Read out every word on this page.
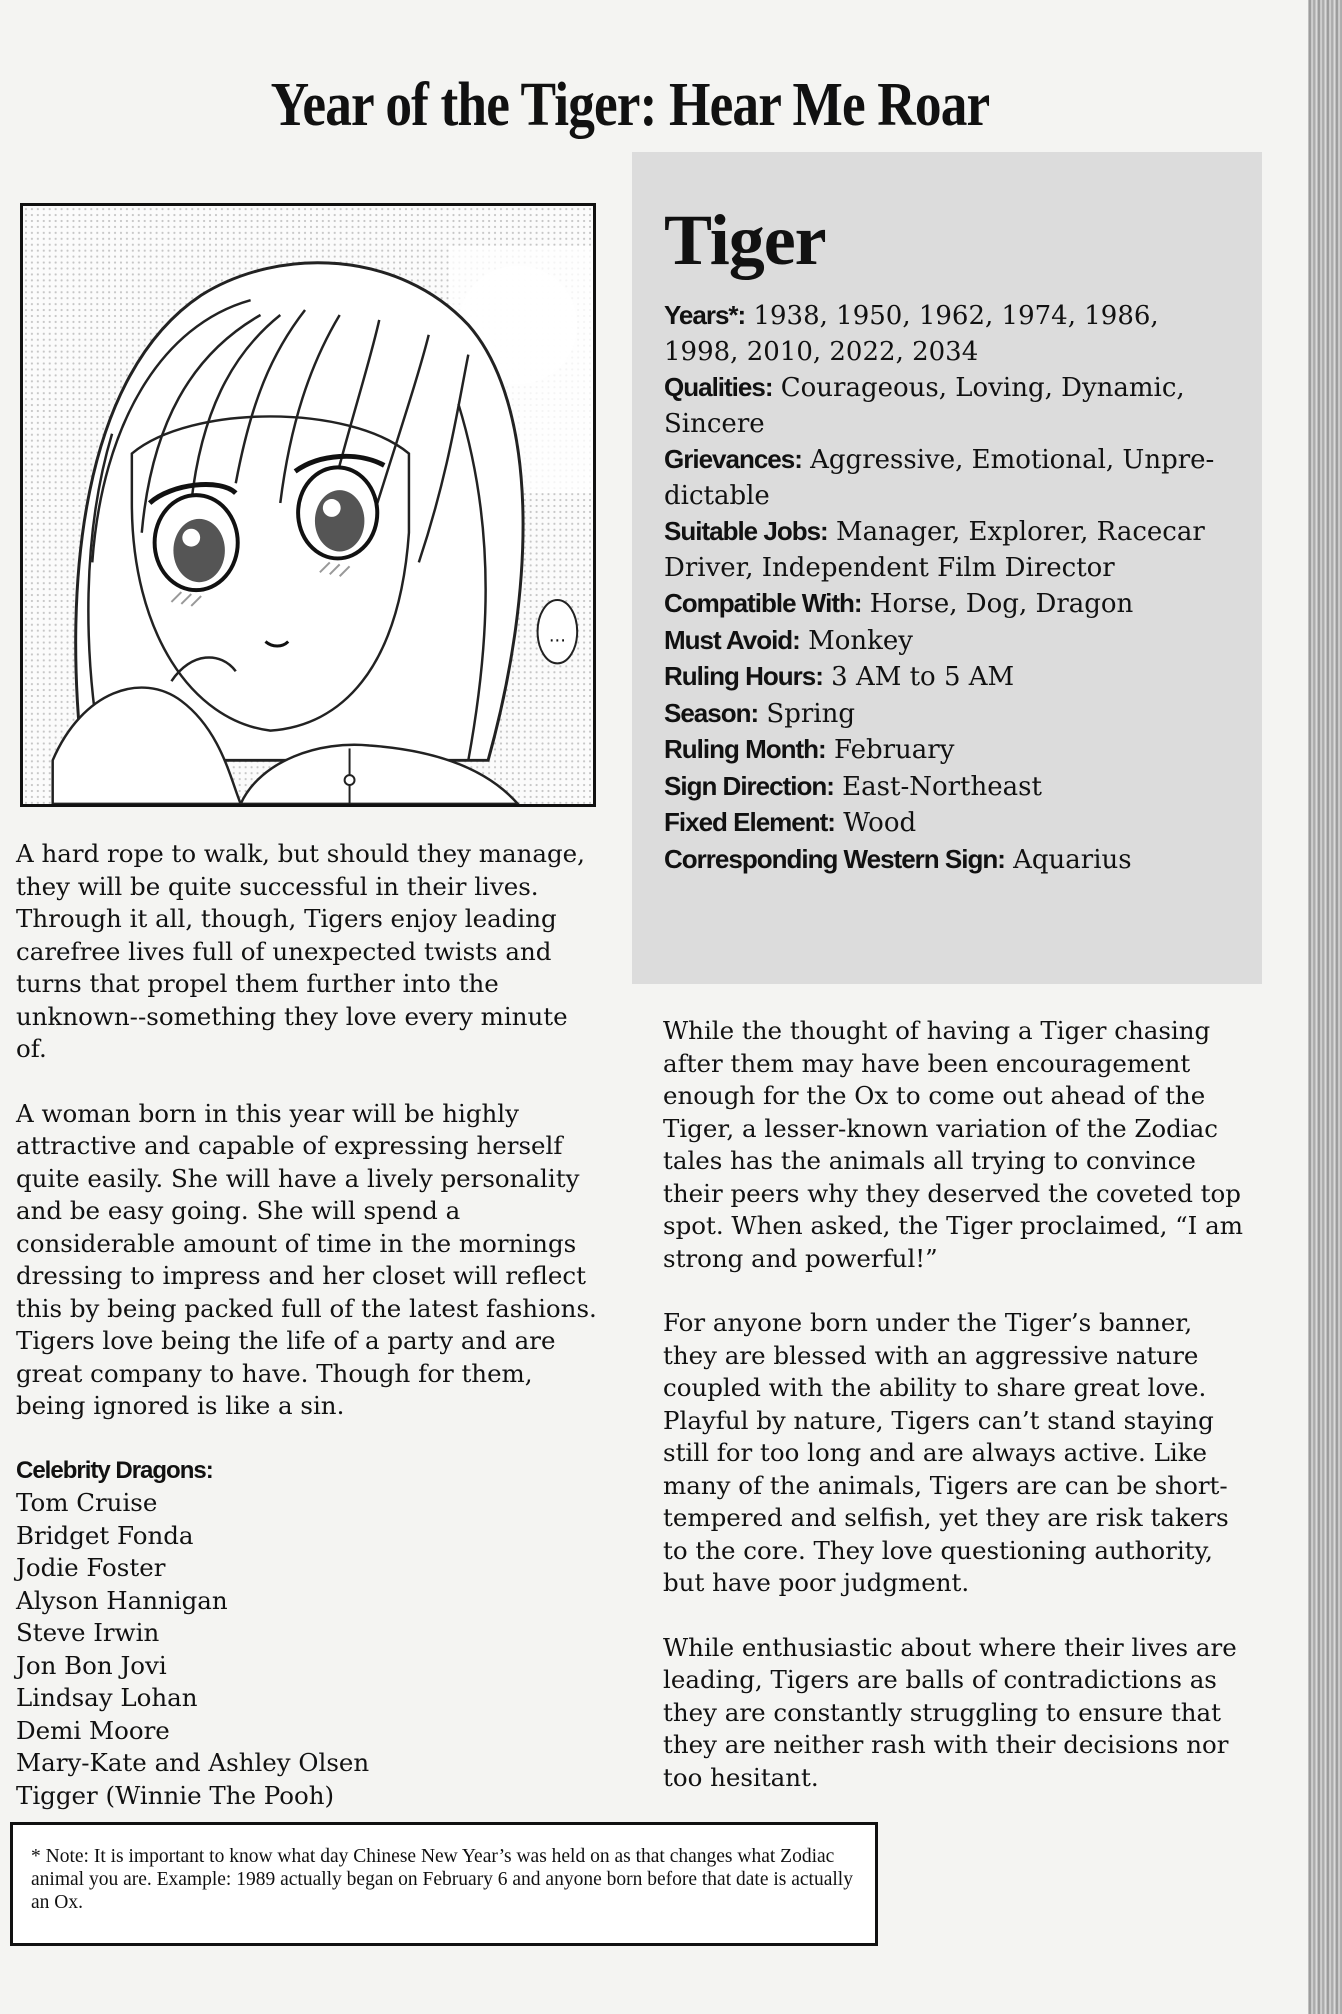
Year of the Tiger: Hear Me Roar
...
Tiger

Years*: 1938, 1950, 1962, 1974, 1986, 1998, 2010, 2022, 2034

Qualities: Courageous, Loving, Dynamic, Sincere

Grievances: Aggressive, Emotional, Unpre-dictable

Suitable Jobs: Manager, Explorer, Racecar Driver, Independent Film Director

Compatible With: Horse, Dog, Dragon

Must Avoid: Monkey

Ruling Hours: 3 AM to 5 AM

Season: Spring

Ruling Month: February

Sign Direction: East-Northeast

Fixed Element: Wood

Corresponding Western Sign: Aquarius

A hard rope to walk, but should they manage, they will be quite successful in their lives. Through it all, though, Tigers enjoy leading carefree lives full of unexpected twists and turns that propel them further into the unknown--something they love every minute of.

A woman born in this year will be highly attractive and capable of expressing herself quite easily. She will have a lively personality and be easy going. She will spend a considerable amount of time in the mornings dressing to impress and her closet will reflect this by being packed full of the latest fashions. Tigers love being the life of a party and are great company to have. Though for them, being ignored is like a sin.

Celebrity Dragons:
Tom Cruise
Bridget Fonda
Jodie Foster
Alyson Hannigan
Steve Irwin
Jon Bon Jovi
Lindsay Lohan
Demi Moore
Mary-Kate and Ashley Olsen
Tigger (Winnie The Pooh)

While the thought of having a Tiger chasing after them may have been encouragement enough for the Ox to come out ahead of the Tiger, a lesser-known variation of the Zodiac tales has the animals all trying to convince their peers why they deserved the coveted top spot. When asked, the Tiger proclaimed, “I am strong and powerful!”

For anyone born under the Tiger’s banner, they are blessed with an aggressive nature coupled with the ability to share great love. Playful by nature, Tigers can’t stand staying still for too long and are always active. Like many of the animals, Tigers are can be short-tempered and selfish, yet they are risk takers to the core. They love questioning authority, but have poor judgment.

While enthusiastic about where their lives are leading, Tigers are balls of contradictions as they are constantly struggling to ensure that they are neither rash with their decisions nor too hesitant.

* Note: It is important to know what day Chinese New Year’s was held on as that changes what Zodiac animal you are. Example: 1989 actually began on February 6 and anyone born before that date is actually an Ox.
